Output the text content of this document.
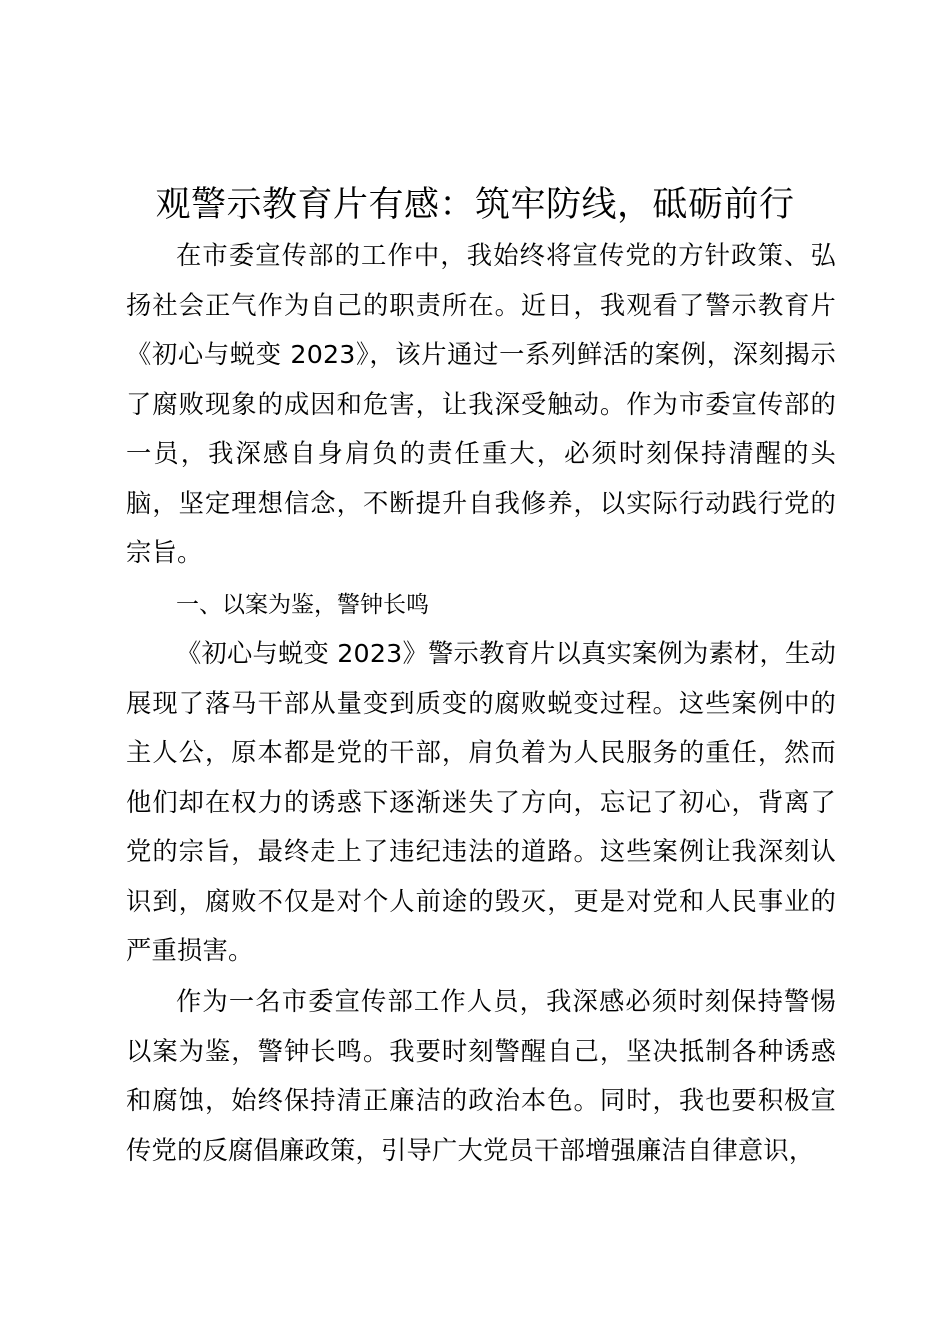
观警示教育片有感：筑牢防线，砥砺前行

在市委宣传部的工作中，我始终将宣传党的方针政策、弘扬社会正气作为自己的职责所在。近日，我观看了警示教育片《初心与蜕变 2023》，该片通过一系列鲜活的案例，深刻揭示了腐败现象的成因和危害，让我深受触动。作为市委宣传部的一员，我深感自身肩负的责任重大，必须时刻保持清醒的头脑，坚定理想信念，不断提升自我修养，以实际行动践行党的宗旨。

一、以案为鉴，警钟长鸣

《初心与蜕变 2023》警示教育片以真实案例为素材，生动展现了落马干部从量变到质变的腐败蜕变过程。这些案例中的主人公，原本都是党的干部，肩负着为人民服务的重任，然而他们却在权力的诱惑下逐渐迷失了方向，忘记了初心，背离了党的宗旨，最终走上了违纪违法的道路。这些案例让我深刻认识到，腐败不仅是对个人前途的毁灭，更是对党和人民事业的严重损害。

作为一名市委宣传部工作人员，我深感必须时刻保持警惕以案为鉴，警钟长鸣。我要时刻警醒自己，坚决抵制各种诱惑和腐蚀，始终保持清正廉洁的政治本色。同时，我也要积极宣传党的反腐倡廉政策，引导广大党员干部增强廉洁自律意识，
